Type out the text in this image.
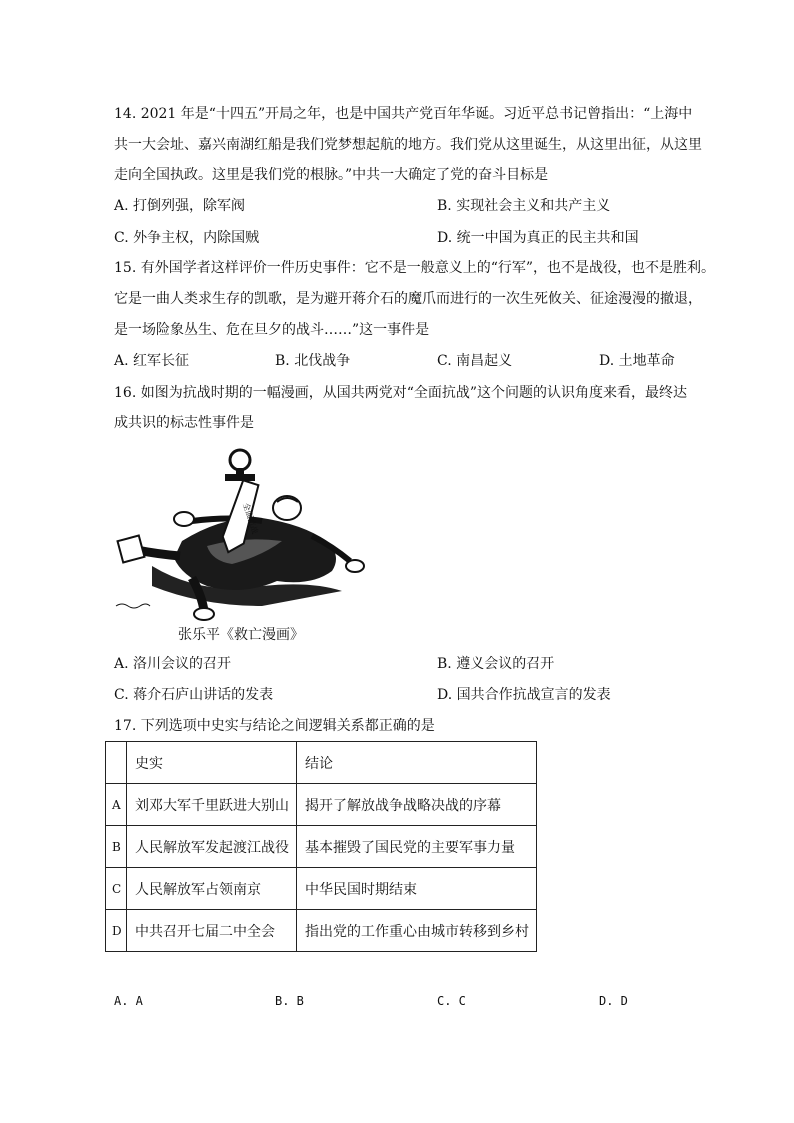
14. 2021 年是“十四五”开局之年，也是中国共产党百年华诞。习近平总书记曾指出：“上海中
共一大会址、嘉兴南湖红船是我们党梦想起航的地方。我们党从这里诞生，从这里出征，从这里
走向全国执政。这里是我们党的根脉。”中共一大确定了党的奋斗目标是
A. 打倒列强，除军阀	B. 实现社会主义和共产主义
C. 外争主权，内除国贼	D. 统一中国为真正的民主共和国
15. 有外国学者这样评价一件历史事件：它不是一般意义上的“行军”，也不是战役，也不是胜利。
它是一曲人类求生存的凯歌，是为避开蒋介石的魔爪而进行的一次生死攸关、征途漫漫的撤退，
是一场险象丛生、危在旦夕的战斗……”这一事件是
A. 红军长征	B. 北伐战争	C. 南昌起义	D. 土地革命
16. 如图为抗战时期的一幅漫画，从国共两党对“全面抗战”这个问题的认识角度来看，最终达
成共识的标志性事件是
全面抗战
张乐平《救亡漫画》
A. 洛川会议的召开	B. 遵义会议的召开
C. 蒋介石庐山讲话的发表	D. 国共合作抗战宣言的发表
17. 下列选项中史实与结论之间逻辑关系都正确的是
	史实	结论
A	刘邓大军千里跃进大别山	揭开了解放战争战略决战的序幕
B	人民解放军发起渡江战役	基本摧毁了国民党的主要军事力量
C	人民解放军占领南京	中华民国时期结束
D	中共召开七届二中全会	指出党的工作重心由城市转移到乡村
A. A	B. B	C. C	D. D
